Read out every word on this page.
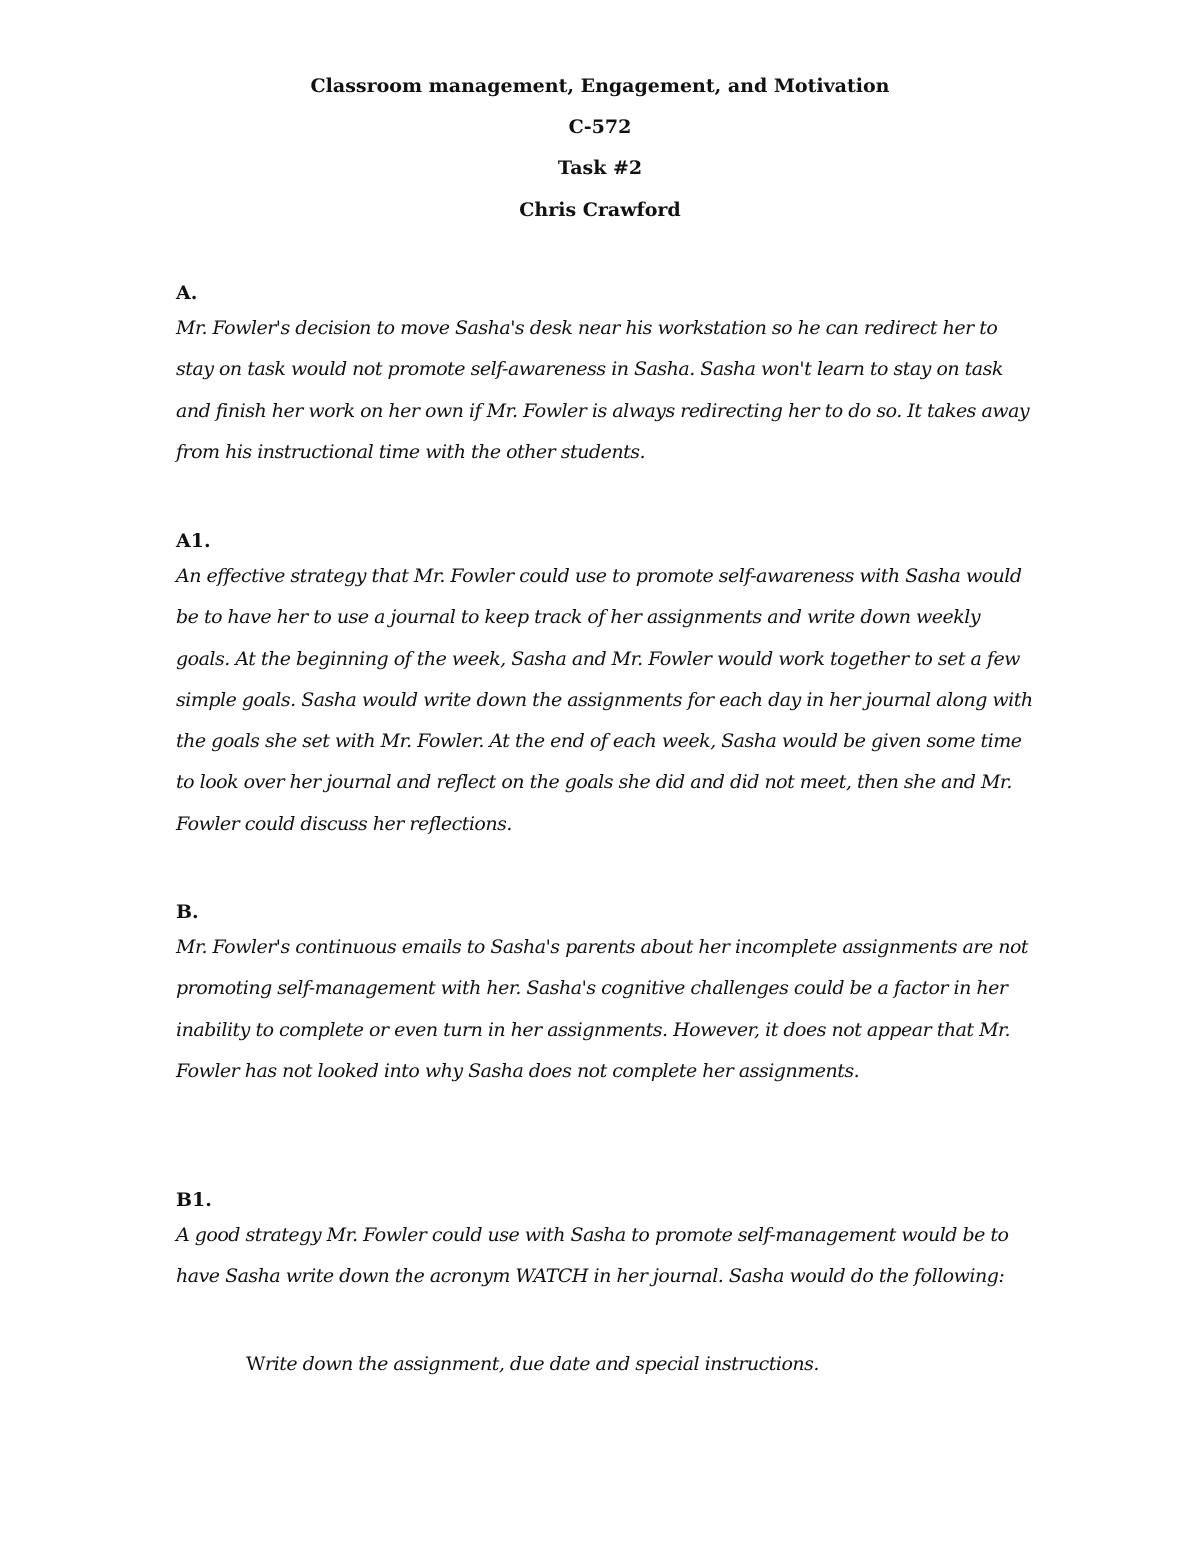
Classroom management, Engagement, and Motivation
C-572
Task #2
Chris Crawford

A.

Mr. Fowler's decision to move Sasha's desk near his workstation so he can redirect her to stay on task would not promote self-awareness in Sasha. Sasha won't learn to stay on task and finish her work on her own if Mr. Fowler is always redirecting her to do so. It takes away from his instructional time with the other students.

A1.

An effective strategy that Mr. Fowler could use to promote self-awareness with Sasha would be to have her to use a journal to keep track of her assignments and write down weekly goals. At the beginning of the week, Sasha and Mr. Fowler would work together to set a few simple goals. Sasha would write down the assignments for each day in her journal along with the goals she set with Mr. Fowler. At the end of each week, Sasha would be given some time to look over her journal and reflect on the goals she did and did not meet, then she and Mr. Fowler could discuss her reflections.

B.

Mr. Fowler's continuous emails to Sasha's parents about her incomplete assignments are not promoting self-management with her. Sasha's cognitive challenges could be a factor in her inability to complete or even turn in her assignments. However, it does not appear that Mr. Fowler has not looked into why Sasha does not complete her assignments.

B1.

A good strategy Mr. Fowler could use with Sasha to promote self-management would be to have Sasha write down the acronym WATCH in her journal. Sasha would do the following:

Write down the assignment, due date and special instructions.
